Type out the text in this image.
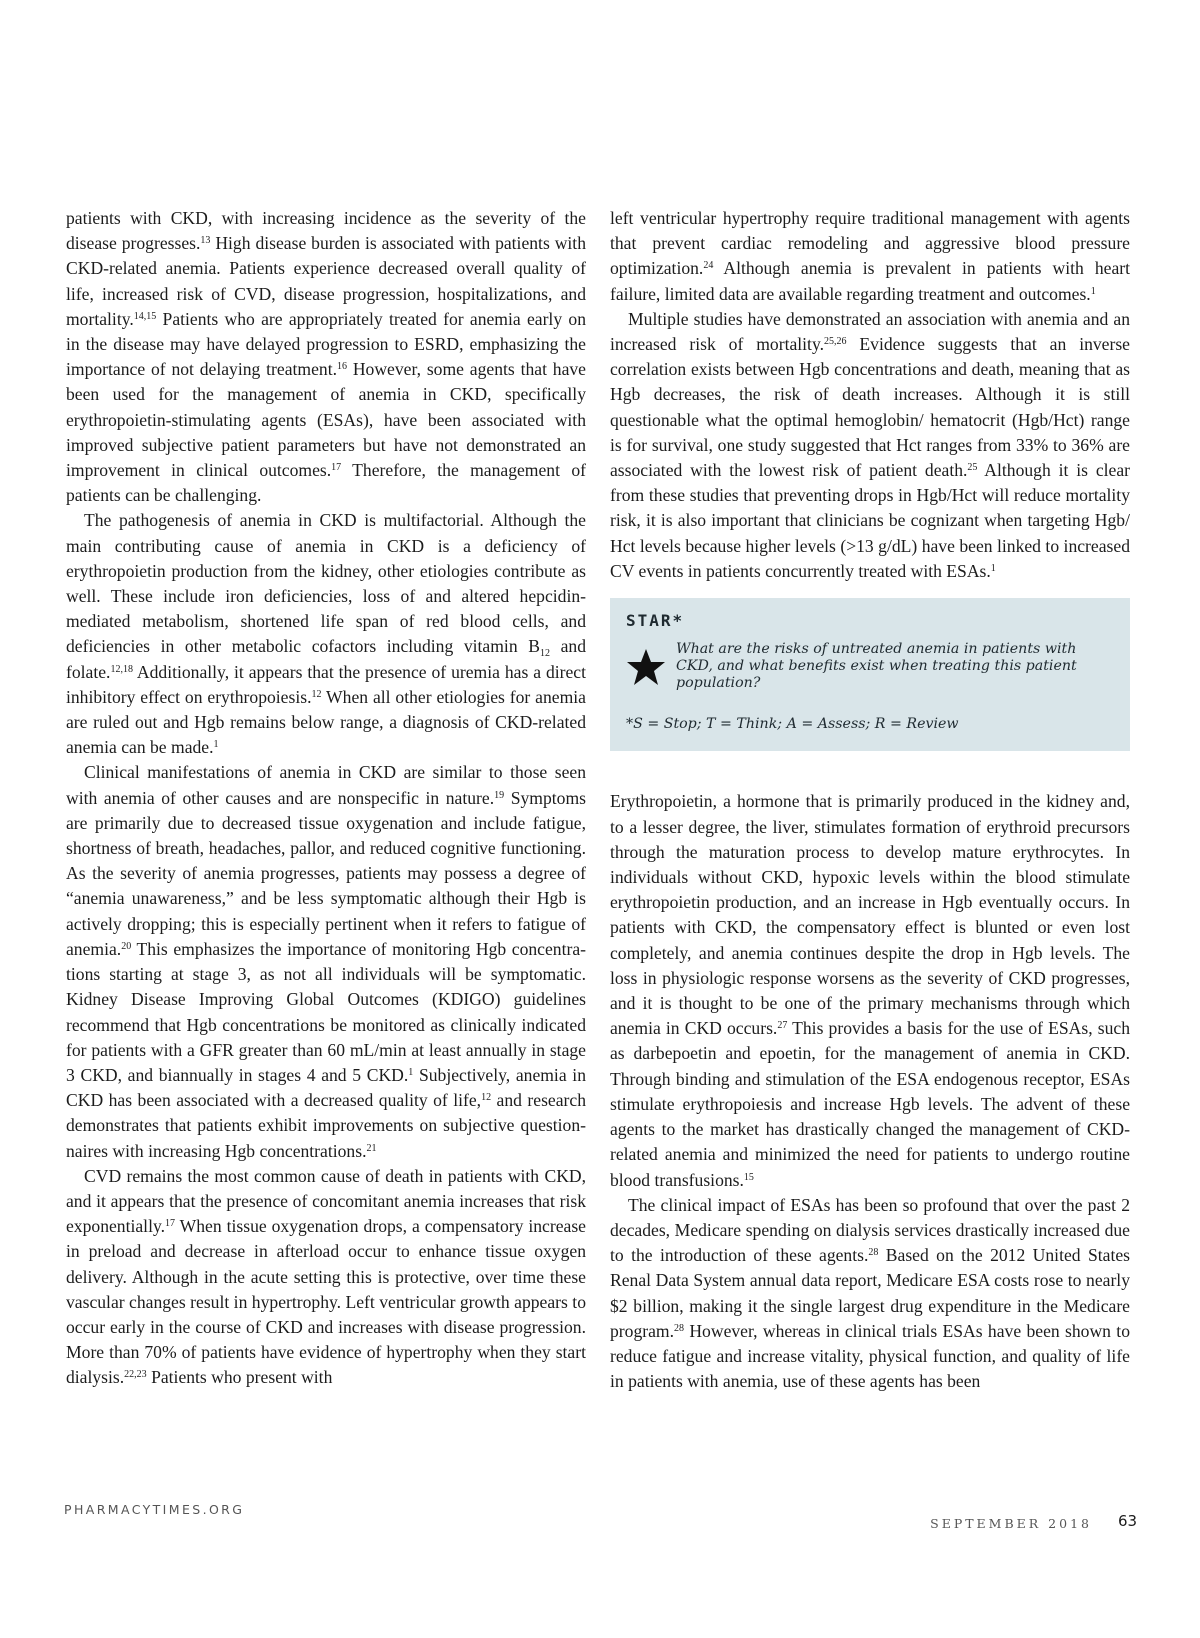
patients with CKD, with increasing incidence as the severity of the disease progresses.$^{13}$ High disease burden is associated with patients with CKD-related anemia. Patients experience decreased overall quality of life, increased risk of CVD, disease progression, hospitalizations, and mortality.$^{14,15}$ Patients who are appropriately treated for anemia early on in the disease may have delayed progression to ESRD, emphasizing the importance of not delaying treatment.$^{16}$ However, some agents that have been used for the management of anemia in CKD, specifically erythropoietin-stimulating agents (ESAs), have been associated with improved subjective patient parameters but have not demonstrated an improvement in clinical outcomes.$^{17}$ Therefore, the management of patients can be challenging.

The pathogenesis of anemia in CKD is multifactorial. Although the main contributing cause of anemia in CKD is a deficiency of erythropoietin production from the kidney, other etiologies contribute as well. These include iron deficiencies, loss of and altered hepcidin-mediated metabolism, shortened life span of red blood cells, and deficiencies in other metabolic cofactors including vitamin $B_{12}$ and folate.$^{12,18}$ Additionally, it appears that the presence of uremia has a direct inhibitory effect on erythropoiesis.$^{12}$ When all other etiologies for anemia are ruled out and Hgb remains below range, a diagnosis of CKD-related anemia can be made.$^1$

Clinical manifestations of anemia in CKD are similar to those seen with anemia of other causes and are nonspecific in nature.$^{19}$ Symptoms are primarily due to decreased tissue oxygenation and include fatigue, shortness of breath, headaches, pallor, and reduced cognitive functioning. As the severity of anemia progresses, patients may possess a degree of “anemia unawareness,” and be less symptomatic although their Hgb is actively dropping; this is especially pertinent when it refers to fatigue of anemia.$^{20}$ This emphasizes the importance of monitoring Hgb concentrations starting at stage 3, as not all individuals will be symptomatic. Kidney Disease Improving Global Outcomes (KDIGO) guidelines recommend that Hgb concentrations be monitored as clinically indicated for patients with a GFR greater than 60 mL/min at least annually in stage 3 CKD, and biannually in stages 4 and 5 CKD.$^1$ Subjectively, anemia in CKD has been associated with a decreased quality of life,$^{12}$ and research demonstrates that patients exhibit improvements on subjective questionnaires with increasing Hgb concentrations.$^{21}$

CVD remains the most common cause of death in patients with CKD, and it appears that the presence of concomitant anemia increases that risk exponentially.$^{17}$ When tissue oxygenation drops, a compensatory increase in preload and decrease in afterload occur to enhance tissue oxygen delivery. Although in the acute setting this is protective, over time these vascular changes result in hypertrophy. Left ventricular growth appears to occur early in the course of CKD and increases with disease progression. More than 70% of patients have evidence of hypertrophy when they start dialysis.$^{22,23}$ Patients who present with

left ventricular hypertrophy require traditional management with agents that prevent cardiac remodeling and aggressive blood pressure optimization.$^{24}$ Although anemia is prevalent in patients with heart failure, limited data are available regarding treatment and outcomes.$^1$

Multiple studies have demonstrated an association with anemia and an increased risk of mortality.$^{25,26}$ Evidence suggests that an inverse correlation exists between Hgb concentrations and death, meaning that as Hgb decreases, the risk of death increases. Although it is still questionable what the optimal hemoglobin/ hematocrit (Hgb/Hct) range is for survival, one study suggested that Hct ranges from 33% to 36% are associated with the lowest risk of patient death.$^{25}$ Although it is clear from these studies that preventing drops in Hgb/Hct will reduce mortality risk, it is also important that clinicians be cognizant when targeting Hgb/ Hct levels because higher levels (>13 g/dL) have been linked to increased CV events in patients concurrently treated with ESAs.$^1$

STAR*
What are the risks of untreated anemia in patients with CKD, and what benefits exist when treating this patient population?
*S = Stop; T = Think; A = Assess; R = Review

Erythropoietin, a hormone that is primarily produced in the kidney and, to a lesser degree, the liver, stimulates formation of erythroid precursors through the maturation process to develop mature erythrocytes. In individuals without CKD, hypoxic levels within the blood stimulate erythropoietin production, and an increase in Hgb eventually occurs. In patients with CKD, the compensatory effect is blunted or even lost completely, and anemia continues despite the drop in Hgb levels. The loss in physiologic response worsens as the severity of CKD progresses, and it is thought to be one of the primary mechanisms through which anemia in CKD occurs.$^{27}$ This provides a basis for the use of ESAs, such as darbepoetin and epoetin, for the management of anemia in CKD. Through binding and stimulation of the ESA endogenous receptor, ESAs stimulate erythropoiesis and increase Hgb levels. The advent of these agents to the market has drastically changed the management of CKD-related anemia and minimized the need for patients to undergo routine blood transfusions.$^{15}$

The clinical impact of ESAs has been so profound that over the past 2 decades, Medicare spending on dialysis services drastically increased due to the introduction of these agents.$^{28}$ Based on the 2012 United States Renal Data System annual data report, Medicare ESA costs rose to nearly $2 billion, making it the single largest drug expenditure in the Medicare program.$^{28}$ However, whereas in clinical trials ESAs have been shown to reduce fatigue and increase vitality, physical function, and quality of life in patients with anemia, use of these agents has been

PHARMACYTIMES.ORG
SEPTEMBER 2018 63
